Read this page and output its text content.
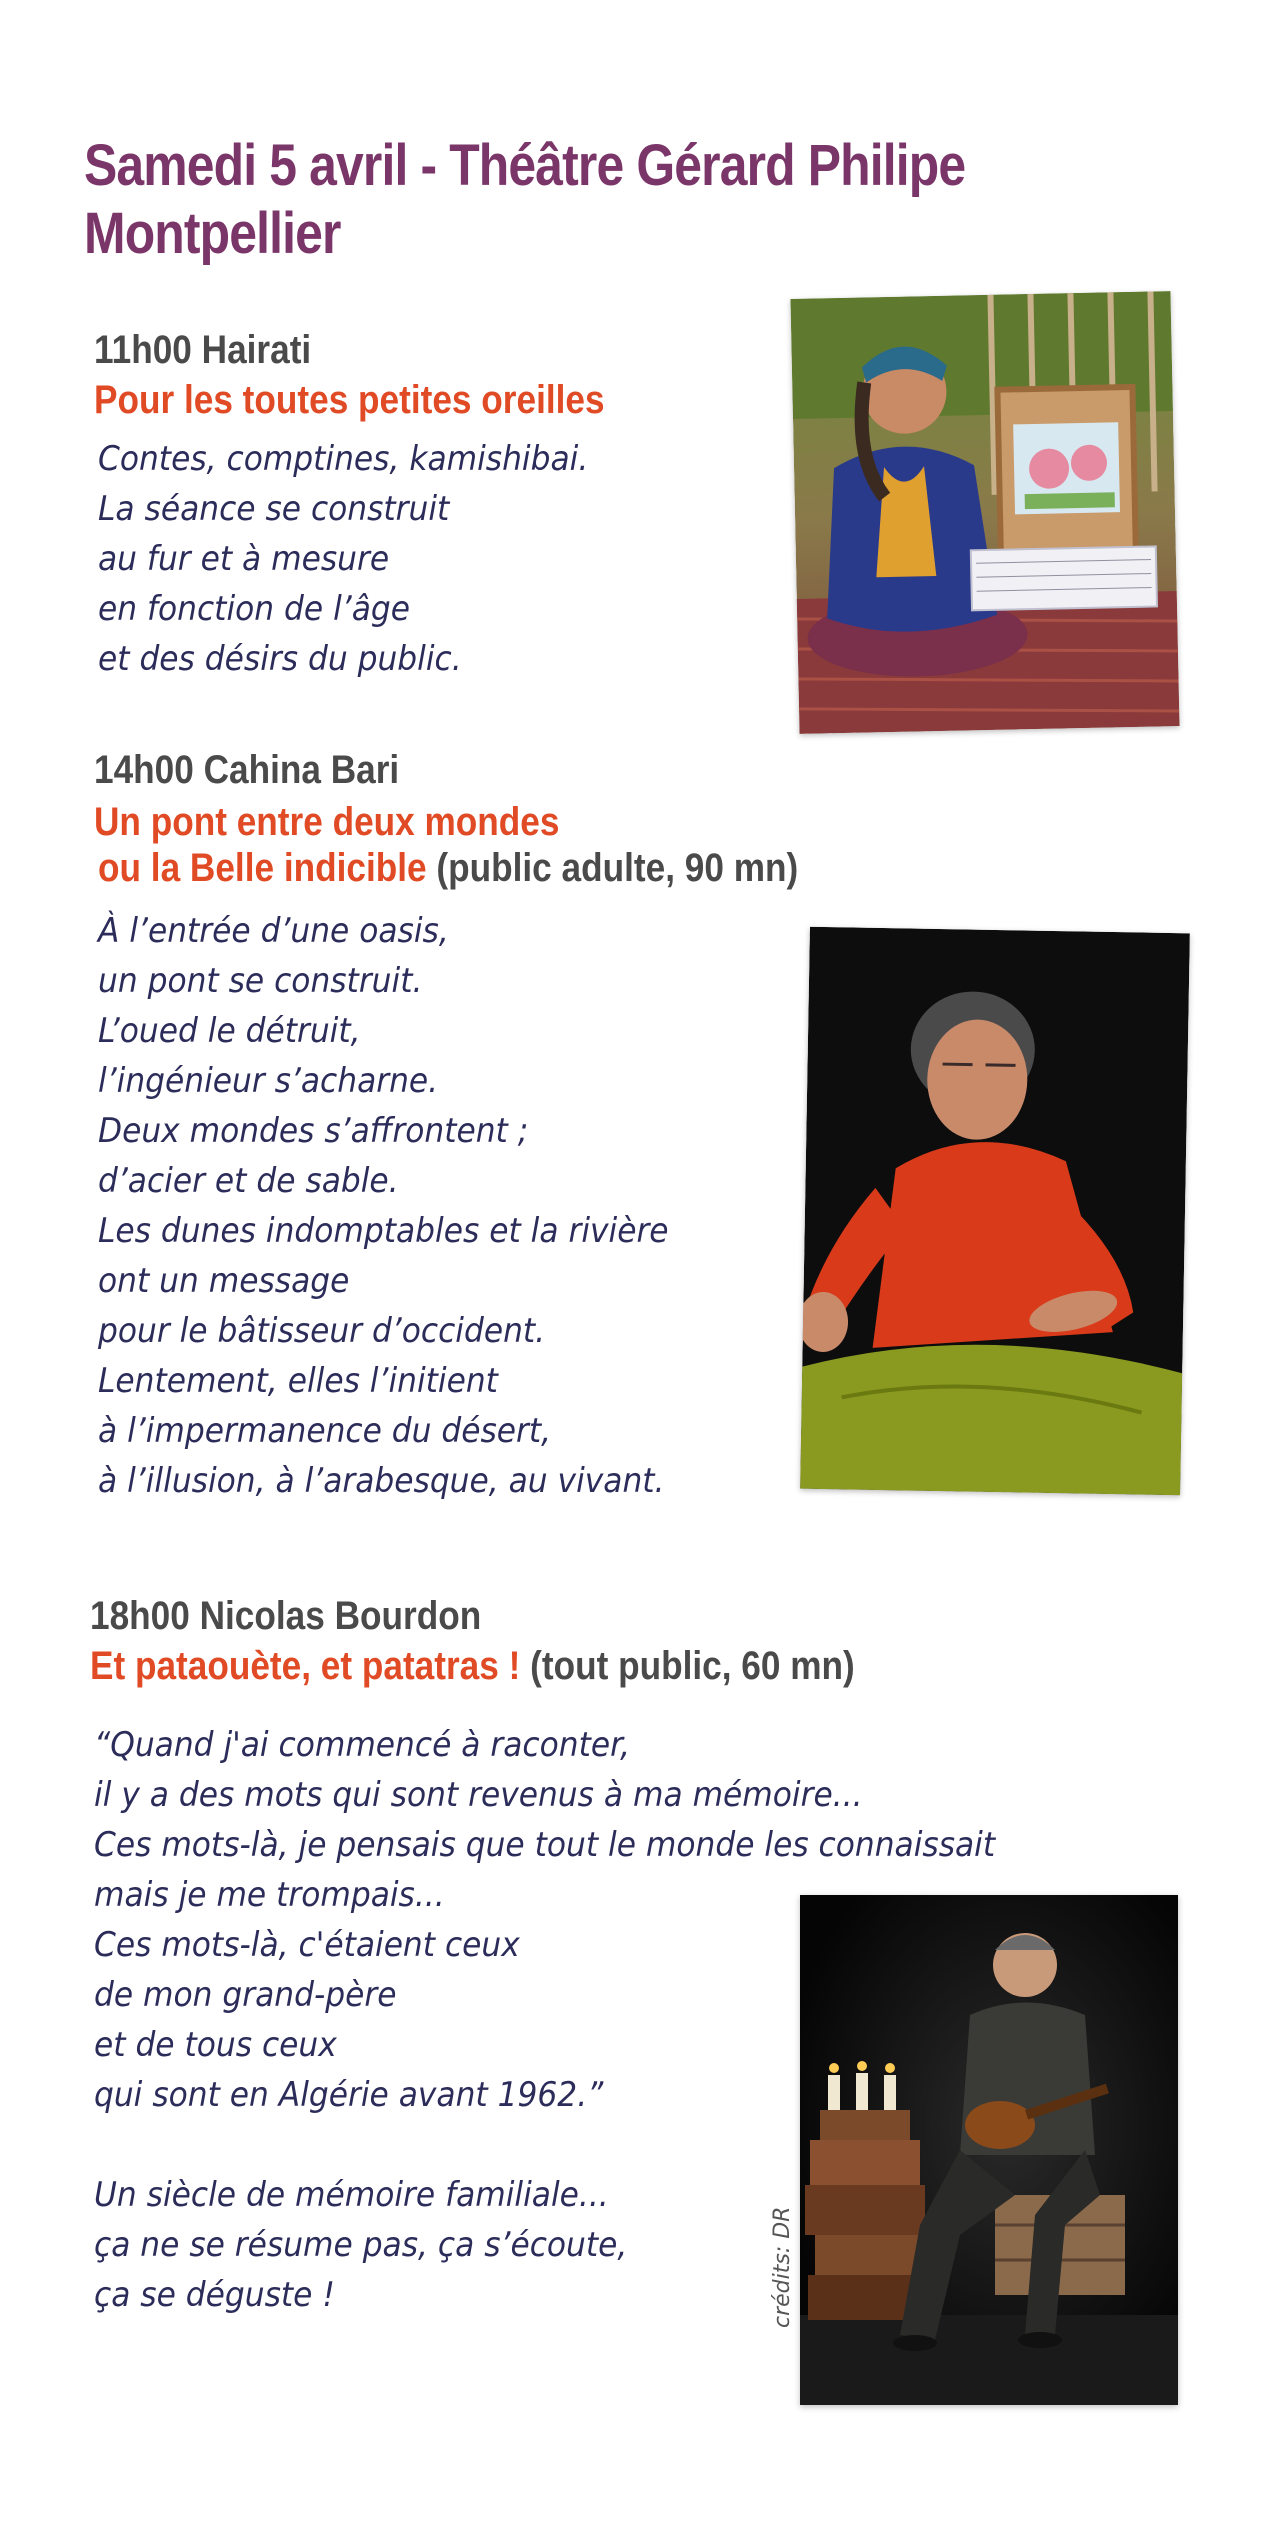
Samedi 5 avril - Théâtre Gérard Philipe
Montpellier
11h00 Hairati
Pour les toutes petites oreilles
Contes, comptines, kamishibai.
La séance se construit
au fur et à mesure
en fonction de l’âge
et des désirs du public.
14h00 Cahina Bari
Un pont entre deux mondes
ou la Belle indicible (public adulte, 90 mn)
À l’entrée d’une oasis,
un pont se construit.
L’oued le détruit,
l’ingénieur s’acharne.
Deux mondes s’affrontent ;
d’acier et de sable.
Les dunes indomptables et la rivière
ont un message
pour le bâtisseur d’occident.
Lentement, elles l’initient
à l’impermanence du désert,
à l’illusion, à l’arabesque, au vivant.
18h00 Nicolas Bourdon
Et pataouète, et patatras ! (tout public, 60 mn)
“Quand j'ai commencé à raconter,
il y a des mots qui sont revenus à ma mémoire...
Ces mots-là, je pensais que tout le monde les connaissait
mais je me trompais...
Ces mots-là, c'étaient ceux
de mon grand-père
et de tous ceux
qui sont en Algérie avant 1962.”
Un siècle de mémoire familiale...
ça ne se résume pas, ça s’écoute,
ça se déguste !	crédits: DR
